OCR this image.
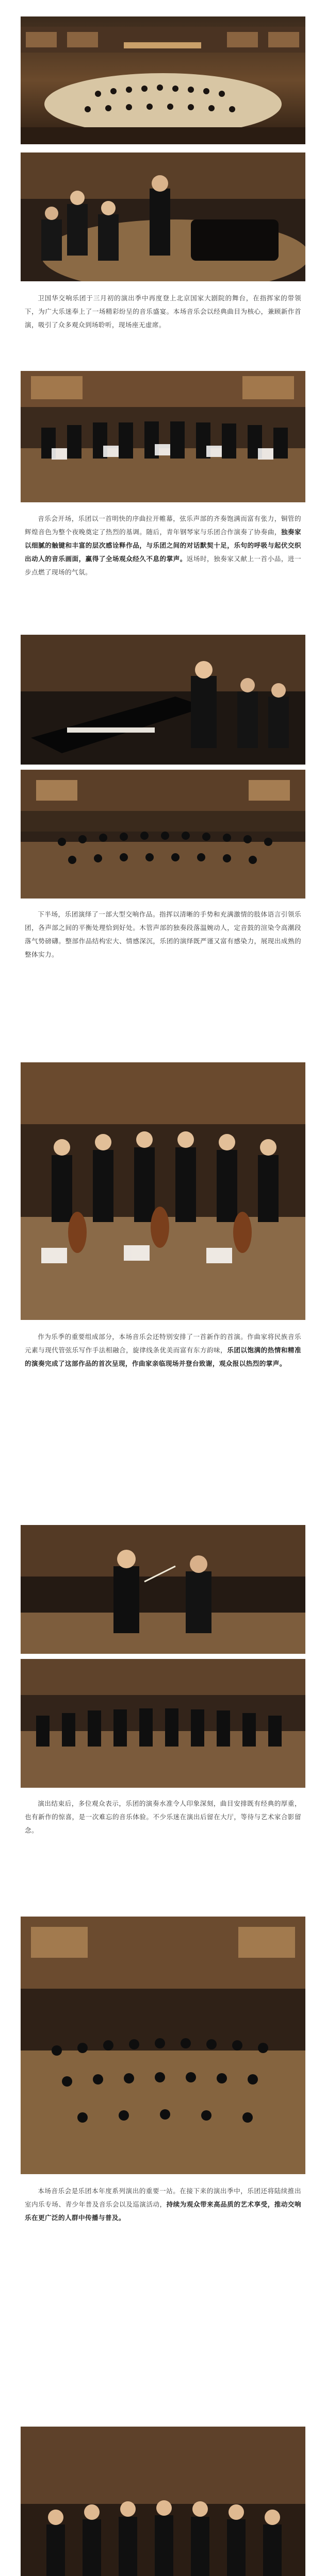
卫国华交响乐团于三月初的演出季中再度登上北京国家大剧院的舞台，在指挥家的带领下，为广大乐迷奉上了一场精彩纷呈的音乐盛宴。本场音乐会以经典曲目为核心，兼顾新作首演，吸引了众多观众到场聆听，现场座无虚席。

音乐会开场，乐团以一首明快的序曲拉开帷幕，弦乐声部的齐奏饱满而富有张力，铜管的辉煌音色为整个夜晚奠定了热烈的基调。随后，青年钢琴家与乐团合作演奏了协奏曲，独奏家以细腻的触键和丰富的层次感诠释作品，与乐团之间的对话默契十足，乐句的呼吸与起伏交织出动人的音乐画面，赢得了全场观众经久不息的掌声。返场时，独奏家又献上一首小品，进一步点燃了现场的气氛。

下半场，乐团演绎了一部大型交响作品。指挥以清晰的手势和充满激情的肢体语言引领乐团，各声部之间的平衡处理恰到好处。木管声部的独奏段落温婉动人，定音鼓的渲染令高潮段落气势磅礴。整部作品结构宏大、情感深沉，乐团的演绎既严谨又富有感染力，展现出成熟的整体实力。

作为乐季的重要组成部分，本场音乐会还特别安排了一首新作的首演。作曲家将民族音乐元素与现代管弦乐写作手法相融合，旋律线条优美而富有东方韵味，乐团以饱满的热情和精准的演奏完成了这部作品的首次呈现，作曲家亲临现场并登台致谢，观众报以热烈的掌声。

演出结束后，多位观众表示，乐团的演奏水准令人印象深刻，曲目安排既有经典的厚重，也有新作的惊喜，是一次难忘的音乐体验。不少乐迷在演出后留在大厅，等待与艺术家合影留念。

本场音乐会是乐团本年度系列演出的重要一站。在接下来的演出季中，乐团还将陆续推出室内乐专场、青少年普及音乐会以及巡演活动，持续为观众带来高品质的艺术享受，推动交响乐在更广泛的人群中传播与普及。
